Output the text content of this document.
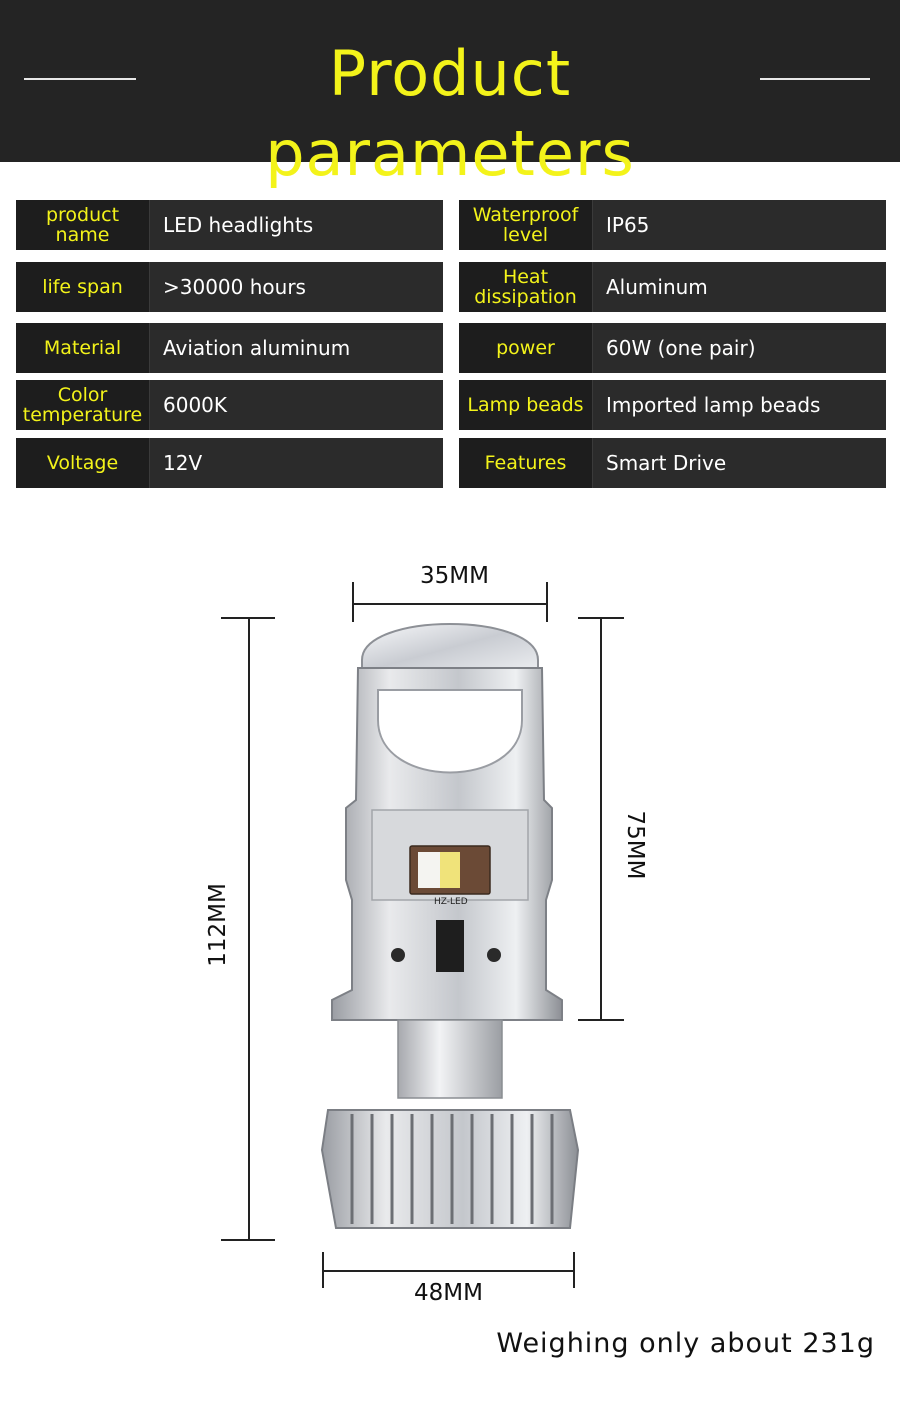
Product parameters
product name	LED headlights
life span	>30000 hours
Material	Aviation aluminum
Color temperature	6000K
Voltage	12V
Waterproof level	IP65
Heat dissipation	Aluminum
power	60W (one pair)
Lamp beads	Imported lamp beads
Features	Smart Drive
35MM
112MM
75MM
48MM
HZ-LED
Weighing only about 231g
